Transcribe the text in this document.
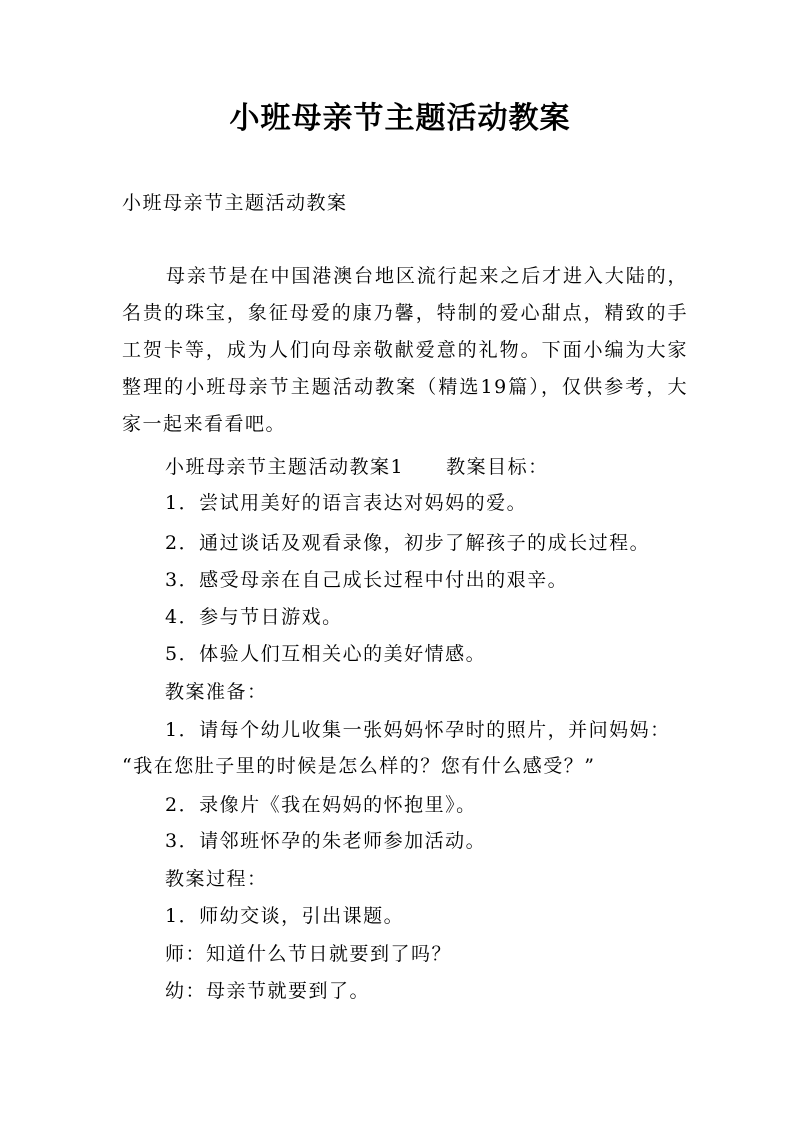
小班母亲节主题活动教案

小班母亲节主题活动教案

母亲节是在中国港澳台地区流行起来之后才进入大陆的，名贵的珠宝，象征母爱的康乃馨，特制的爱心甜点，精致的手工贺卡等，成为人们向母亲敬献爱意的礼物。下面小编为大家整理的小班母亲节主题活动教案（精选19篇），仅供参考，大家一起来看看吧。

小班母亲节主题活动教案1 教案目标：

1．尝试用美好的语言表达对妈妈的爱。

2．通过谈话及观看录像，初步了解孩子的成长过程。

3．感受母亲在自己成长过程中付出的艰辛。

4．参与节日游戏。

5．体验人们互相关心的美好情感。

教案准备：

1．请每个幼儿收集一张妈妈怀孕时的照片，并问妈妈：

“我在您肚子里的时候是怎么样的？您有什么感受？”

2．录像片《我在妈妈的怀抱里》。

3．请邻班怀孕的朱老师参加活动。

教案过程：

1．师幼交谈，引出课题。

师：知道什么节日就要到了吗？

幼：母亲节就要到了。
